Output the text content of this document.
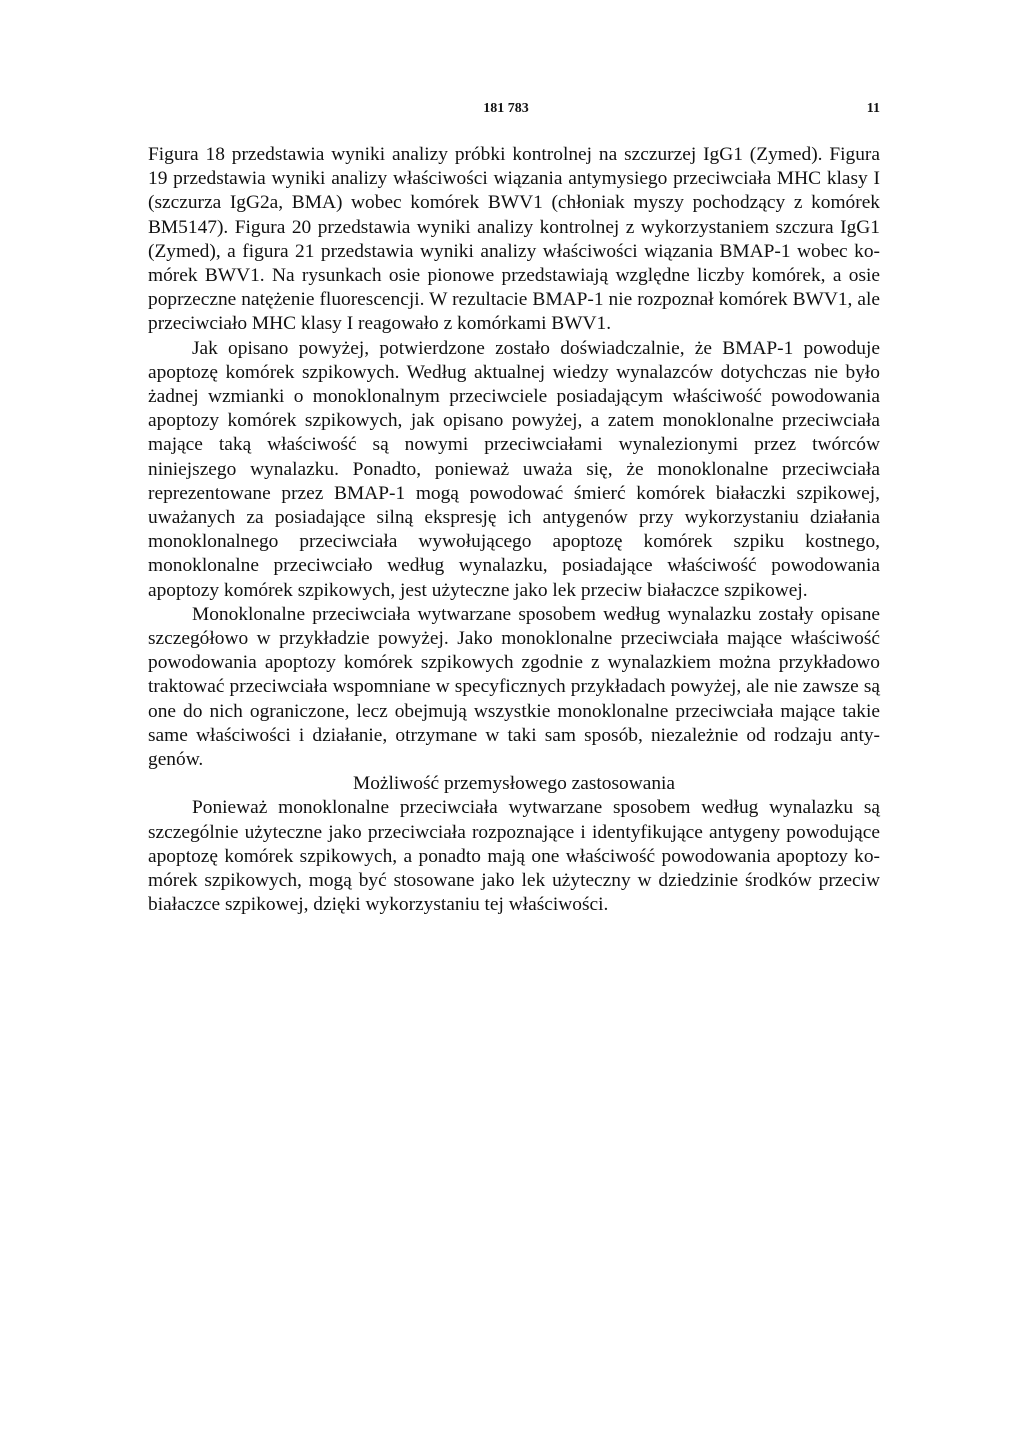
181 783	11

Figura 18 przedstawia wyniki analizy próbki kontrolnej na szczurzej IgG1 (Zymed). Figura 19 przedstawia wyniki analizy właściwości wiązania antymysiego przeciwciała MHC klasy I (szczurza IgG2a, BMA) wobec komórek BWV1 (chłoniak myszy pochodzący z komórek BM5147). Figura 20 przedstawia wyniki analizy kontrolnej z wykorzystaniem szczura IgG1 (Zymed), a figura 21 przedstawia wyniki analizy właściwości wiązania BMAP-1 wobec komórek BWV1. Na rysunkach osie pionowe przedstawiają względne liczby komórek, a osie poprzeczne natężenie fluorescencji. W rezultacie BMAP-1 nie rozpoznał komórek BWV1, ale przeciwciało MHC klasy I reagowało z komórkami BWV1.

Jak opisano powyżej, potwierdzone zostało doświadczalnie, że BMAP-1 powoduje apoptozę komórek szpikowych. Według aktualnej wiedzy wynalazców dotychczas nie było żadnej wzmianki o monoklonalnym przeciwciele posiadającym właściwość powodowania apoptozy komórek szpikowych, jak opisano powyżej, a zatem monoklonalne przeciwciała mające taką właściwość są nowymi przeciwciałami wynalezionymi przez twórców niniejszego wynalazku. Ponadto, ponieważ uważa się, że monoklonalne przeciwciała reprezentowane przez BMAP-1 mogą powodować śmierć komórek białaczki szpikowej, uważanych za posiadające silną ekspresję ich antygenów przy wykorzystaniu działania monoklonalnego przeciwciała wywołującego apoptozę komórek szpiku kostnego, monoklonalne przeciwciało według wynalazku, posiadające właściwość powodowania apoptozy komórek szpikowych, jest użyteczne jako lek przeciw białaczce szpikowej.

Monoklonalne przeciwciała wytwarzane sposobem według wynalazku zostały opisane szczegółowo w przykładzie powyżej. Jako monoklonalne przeciwciała mające właściwość powodowania apoptozy komórek szpikowych zgodnie z wynalazkiem można przykładowo traktować przeciwciała wspomniane w specyficznych przykładach powyżej, ale nie zawsze są one do nich ograniczone, lecz obejmują wszystkie monoklonalne przeciwciała mające takie same właściwości i działanie, otrzymane w taki sam sposób, niezależnie od rodzaju antygenów.

Możliwość przemysłowego zastosowania

Ponieważ monoklonalne przeciwciała wytwarzane sposobem według wynalazku są szczególnie użyteczne jako przeciwciała rozpoznające i identyfikujące antygeny powodujące apoptozę komórek szpikowych, a ponadto mają one właściwość powodowania apoptozy komórek szpikowych, mogą być stosowane jako lek użyteczny w dziedzinie środków przeciw białaczce szpikowej, dzięki wykorzystaniu tej właściwości.
